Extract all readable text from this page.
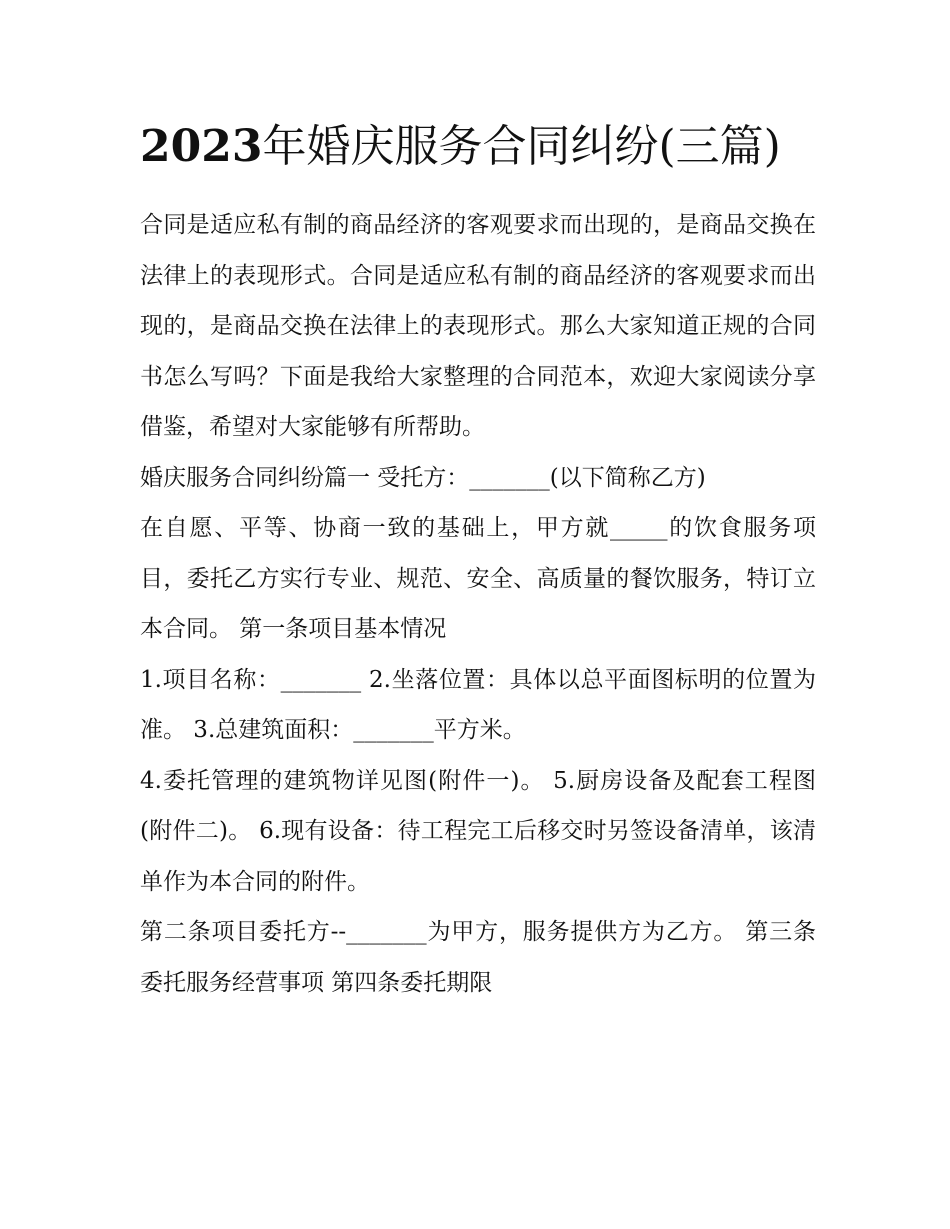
2023年婚庆服务合同纠纷(三篇)

合同是适应私有制的商品经济的客观要求而出现的，是商品交换在法律上的表现形式。合同是适应私有制的商品经济的客观要求而出现的，是商品交换在法律上的表现形式。那么大家知道正规的合同书怎么写吗？下面是我给大家整理的合同范本，欢迎大家阅读分享借鉴，希望对大家能够有所帮助。

婚庆服务合同纠纷篇一 受托方：_______(以下简称乙方)

在自愿、平等、协商一致的基础上，甲方就_____的饮食服务项目，委托乙方实行专业、规范、安全、高质量的餐饮服务，特订立本合同。 第一条项目基本情况

1.项目名称：_______ 2.坐落位置：具体以总平面图标明的位置为准。 3.总建筑面积：_______平方米。

4.委托管理的建筑物详见图(附件一)。 5.厨房设备及配套工程图(附件二)。 6.现有设备：待工程完工后移交时另签设备清单，该清单作为本合同的附件。

第二条项目委托方--_______为甲方，服务提供方为乙方。 第三条委托服务经营事项 第四条委托期限
